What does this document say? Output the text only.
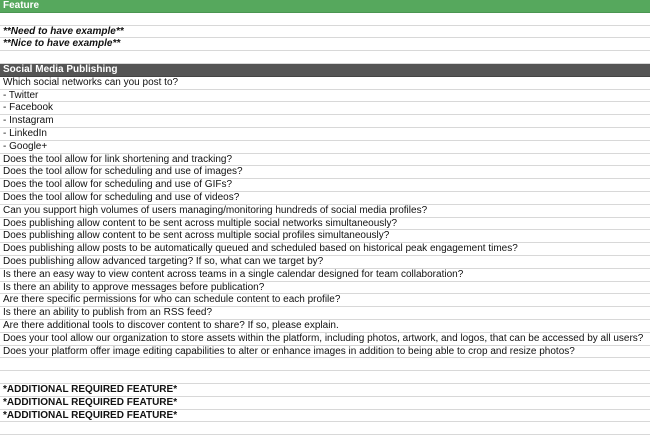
Feature
**Need to have example**
**Nice to have example**
Social Media Publishing
Which social networks can you post to?
- Twitter
- Facebook
- Instagram
- LinkedIn
- Google+
Does the tool allow for link shortening and tracking?
Does the tool allow for scheduling and use of images?
Does the tool allow for scheduling and use of GIFs?
Does the tool allow for scheduling and use of videos?
Can you support high volumes of users managing/monitoring hundreds of social media profiles?
Does publishing allow content to be sent across multiple social networks simultaneously?
Does publishing allow content to be sent across multiple social profiles simultaneously?
Does publishing allow posts to be automatically queued and scheduled based on historical peak engagement times?
Does publishing allow advanced targeting? If so, what can we target by?
Is there an easy way to view content across teams in a single calendar designed for team collaboration?
Is there an ability to approve messages before publication?
Are there specific permissions for who can schedule content to each profile?
Is there an ability to publish from an RSS feed?
Are there additional tools to discover content to share? If so, please explain.
Does your tool allow our organization to store assets within the platform, including photos, artwork, and logos, that can be accessed by all users?
Does your platform offer image editing capabilities to alter or enhance images in addition to being able to crop and resize photos?
*ADDITIONAL REQUIRED FEATURE*
*ADDITIONAL REQUIRED FEATURE*
*ADDITIONAL REQUIRED FEATURE*
